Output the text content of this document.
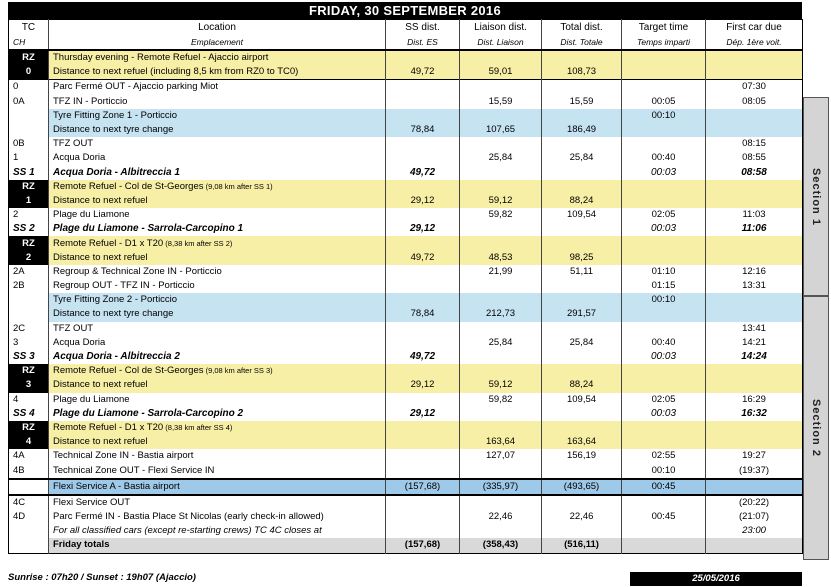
FRIDAY, 30 SEPTEMBER 2016
TC	Location	SS dist.	Liaison dist.	Total dist.	Target time	First car due
CH	Emplacement	Dist. ES	Dist. Liaison	Dist. Totale	Temps imparti	Dép. 1ère voit.
RZ	Thursday evening - Remote Refuel - Ajaccio airport					
0	Distance to next refuel (including 8,5 km from RZ0 to TC0)	49,72	59,01	108,73		
0	Parc Fermé OUT - Ajaccio parking Miot					07:30
0A	TFZ IN - Porticcio		15,59	15,59	00:05	08:05
	Tyre Fitting Zone 1 - Porticcio				00:10	
	Distance to next tyre change	78,84	107,65	186,49		
0B	TFZ OUT					08:15
1	Acqua Doria		25,84	25,84	00:40	08:55
SS 1	Acqua Doria - Albitreccia 1	49,72			00:03	08:58
RZ	Remote Refuel - Col de St-Georges (9,08 km after SS 1)					
1	Distance to next refuel	29,12	59,12	88,24		
2	Plage du Liamone		59,82	109,54	02:05	11:03
SS 2	Plage du Liamone - Sarrola-Carcopino 1	29,12			00:03	11:06
RZ	Remote Refuel - D1 x T20 (8,38 km after SS 2)					
2	Distance to next refuel	49,72	48,53	98,25		
2A	Regroup & Technical Zone IN - Porticcio		21,99	51,11	01:10	12:16
2B	Regroup OUT - TFZ IN - Porticcio				01:15	13:31
	Tyre Fitting Zone 2 - Porticcio				00:10	
	Distance to next tyre change	78,84	212,73	291,57		
2C	TFZ OUT					13:41
3	Acqua Doria		25,84	25,84	00:40	14:21
SS 3	Acqua Doria - Albitreccia 2	49,72			00:03	14:24
RZ	Remote Refuel - Col de St-Georges (9,08 km after SS 3)					
3	Distance to next refuel	29,12	59,12	88,24		
4	Plage du Liamone		59,82	109,54	02:05	16:29
SS 4	Plage du Liamone - Sarrola-Carcopino 2	29,12			00:03	16:32
RZ	Remote Refuel - D1 x T20 (8,38 km after SS 4)					
4	Distance to next refuel		163,64	163,64		
4A	Technical Zone IN - Bastia airport		127,07	156,19	02:55	19:27
4B	Technical Zone OUT - Flexi Service IN				00:10	(19:37)
	Flexi Service A - Bastia airport	(157,68)	(335,97)	(493,65)	00:45	
4C	Flexi Service OUT					(20:22)
4D	Parc Fermé IN - Bastia Place St Nicolas (early check-in allowed)		22,46	22,46	00:45	(21:07)
	For all classified cars (except re-starting crews) TC 4C closes at					23:00
	Friday totals	(157,68)	(358,43)	(516,11)		
Section 1
Section 2
Sunrise : 07h20 / Sunset : 19h07 (Ajaccio)	25/05/2016
